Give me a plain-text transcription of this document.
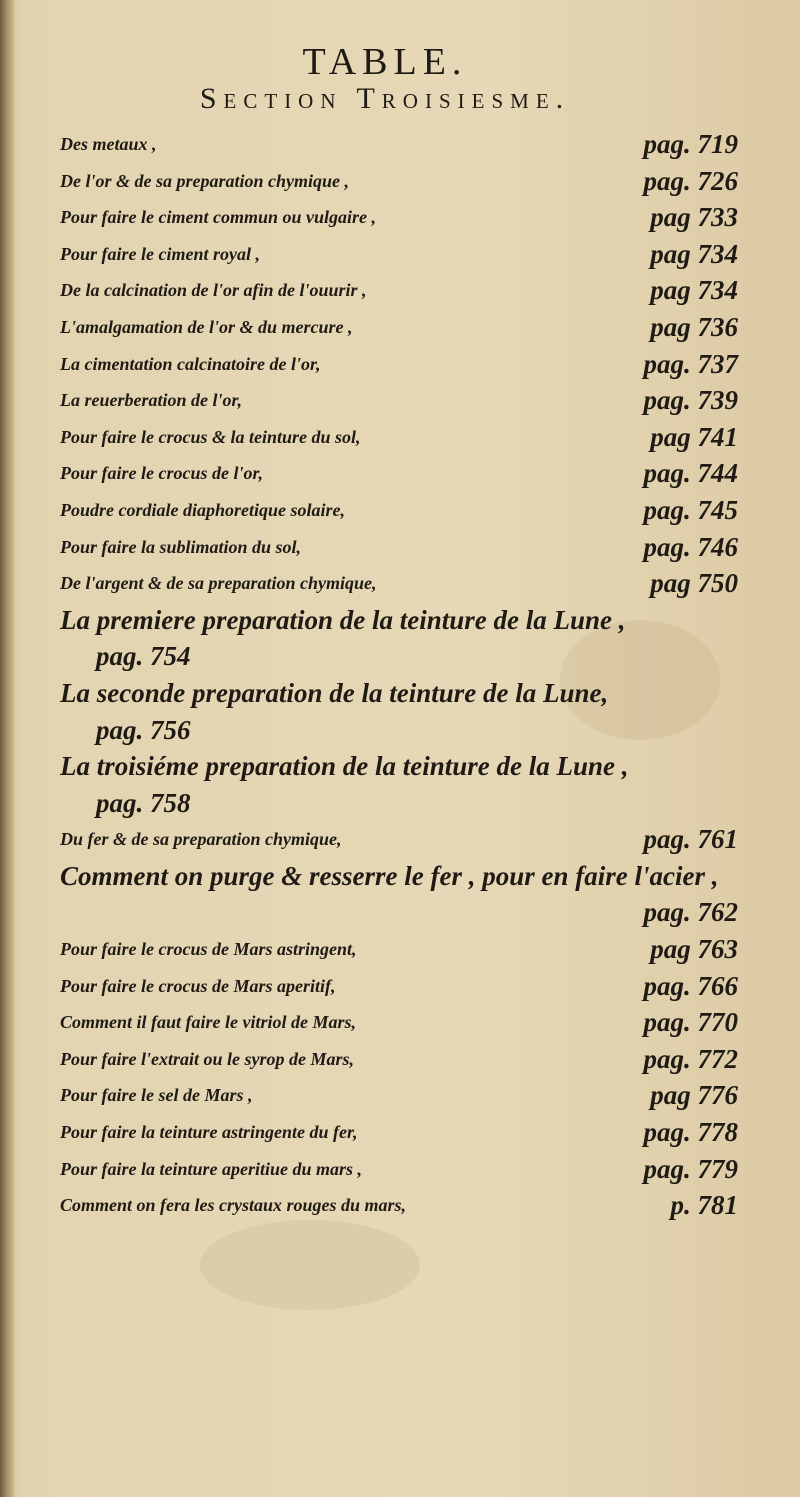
TABLE.
Section Troisiesme.
Des metaux ,	pag. 719
De l'or & de sa preparation chymique ,	pag. 726
Pour faire le ciment commun ou vulgaire ,	pag 733
Pour faire le ciment royal ,	pag 734
De la calcination de l'or afin de l'ouurir ,	pag 734
L'amalgamation de l'or & du mercure ,	pag 736
La cimentation calcinatoire de l'or,	pag. 737
La reuerberation de l'or,	pag. 739
Pour faire le crocus & la teinture du sol,	pag 741
Pour faire le crocus de l'or,	pag. 744
Poudre cordiale diaphoretique solaire,	pag. 745
Pour faire la sublimation du sol,	pag. 746
De l'argent & de sa preparation chymique,	pag 750
La premiere preparation de la teinture de la Lune ,
pag. 754
La seconde preparation de la teinture de la Lune,
pag. 756
La troisiéme preparation de la teinture de la Lune ,
pag. 758
Du fer & de sa preparation chymique,	pag. 761
Comment on purge & resserre le fer , pour en faire l'acier ,
pag. 762
Pour faire le crocus de Mars astringent,	pag 763
Pour faire le crocus de Mars aperitif,	pag. 766
Comment il faut faire le vitriol de Mars,	pag. 770
Pour faire l'extrait ou le syrop de Mars,	pag. 772
Pour faire le sel de Mars ,	pag 776
Pour faire la teinture astringente du fer,	pag. 778
Pour faire la teinture aperitiue du mars ,	pag. 779
Comment on fera les crystaux rouges du mars,	p. 781
